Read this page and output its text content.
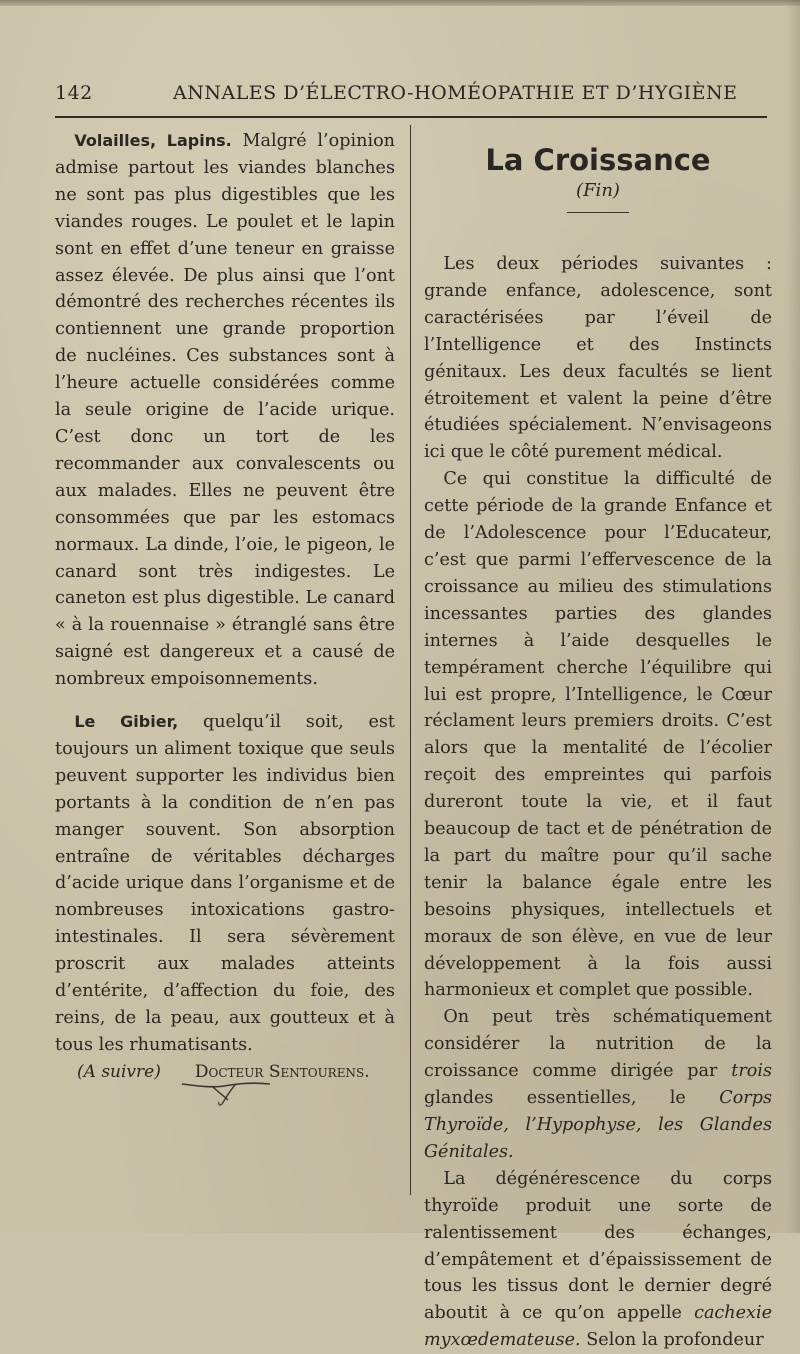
142	ANNALES D’ÉLECTRO-HOMÉOPATHIE ET D’HYGIÈNE

Volailles, Lapins. Malgré l’opinion admise partout les viandes blanches ne sont pas plus digestibles que les viandes rouges. Le poulet et le lapin sont en effet d’une teneur en graisse assez élevée. De plus ainsi que l’ont démontré des recherches récentes ils contiennent une grande proportion de nucléines. Ces substances sont à l’heure actuelle considérées comme la seule origine de l’acide urique. C’est donc un tort de les recommander aux convalescents ou aux malades. Elles ne peuvent être consommées que par les estomacs normaux. La dinde, l’oie, le pigeon, le canard sont très indigestes. Le caneton est plus digestible. Le canard « à la rouennaise » étranglé sans être saigné est dangereux et a causé de nombreux empoisonnements.

Le Gibier, quelqu’il soit, est toujours un aliment toxique que seuls peuvent supporter les individus bien portants à la condition de n’en pas manger souvent. Son absorption entraîne de véritables décharges d’acide urique dans l’organisme et de nombreuses intoxications gastro-intestinales. Il sera sévèrement proscrit aux malades atteints d’entérite, d’affection du foie, des reins, de la peau, aux goutteux et à tous les rhumatisants.

(A suivre) Docteur Sentourens.

La Croissance
(Fin)

Les deux périodes suivantes : grande enfance, adolescence, sont caractérisées par l’éveil de l’Intelligence et des Instincts génitaux. Les deux facultés se lient étroitement et valent la peine d’être étudiées spécialement. N’envisageons ici que le côté purement médical.

Ce qui constitue la difficulté de cette période de la grande Enfance et de l’Adolescence pour l’Educateur, c’est que parmi l’effervescence de la croissance au milieu des stimulations incessantes parties des glandes internes à l’aide desquelles le tempérament cherche l’équilibre qui lui est propre, l’Intelligence, le Cœur réclament leurs premiers droits. C’est alors que la mentalité de l’écolier reçoit des empreintes qui parfois dureront toute la vie, et il faut beaucoup de tact et de pénétration de la part du maître pour qu’il sache tenir la balance égale entre les besoins physiques, intellectuels et moraux de son élève, en vue de leur développement à la fois aussi harmonieux et complet que possible.

On peut très schématiquement considérer la nutrition de la croissance comme dirigée par trois glandes essentielles, le Corps Thyroïde, l’Hypophyse, les Glandes Génitales.

La dégénérescence du corps thyroïde produit une sorte de ralentissement des échanges, d’empâtement et d’épaississement de tous les tissus dont le dernier degré aboutit à ce qu’on appelle cachexie myxœdemateuse. Selon la profondeur
